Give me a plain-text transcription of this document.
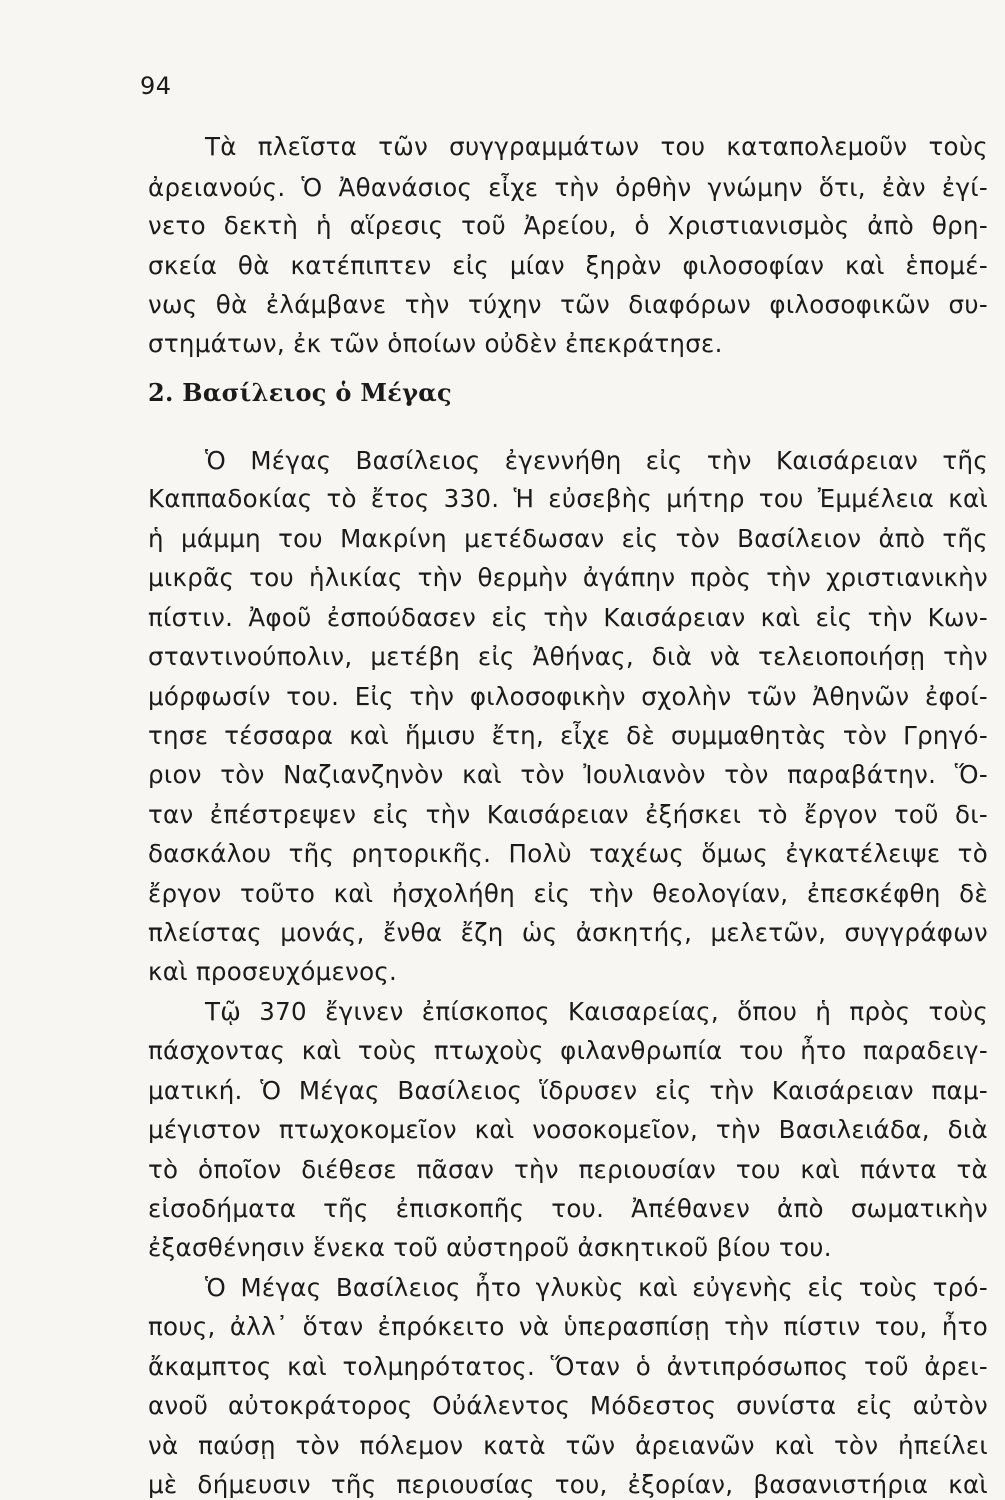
94
Τὰ πλεῖστα τῶν συγγραμμάτων του καταπολεμοῦν τοὺς
ἀρειανούς. Ὁ Ἀθανάσιος εἶχε τὴν ὀρθὴν γνώμην ὅτι, ἐὰν ἐγί-
νετο δεκτὴ ἡ αἵρεσις τοῦ Ἀρείου, ὁ Χριστιανισμὸς ἀπὸ θρη-
σκεία θὰ κατέπιπτεν εἰς μίαν ξηρὰν φιλοσοφίαν καὶ ἑπομέ-
νως θὰ ἐλάμβανε τὴν τύχην τῶν διαφόρων φιλοσοφικῶν συ-
στημάτων, ἐκ τῶν ὁποίων οὐδὲν ἐπεκράτησε.
2. Βασίλειος ὁ Μέγας
Ὁ Μέγας Βασίλειος ἐγεννήθη εἰς τὴν Καισάρειαν τῆς
Καππαδοκίας τὸ ἔτος 330. Ἡ εὐσεβὴς μήτηρ του Ἐμμέλεια καὶ
ἡ μάμμη του Μακρίνη μετέδωσαν εἰς τὸν Βασίλειον ἀπὸ τῆς
μικρᾶς του ἡλικίας τὴν θερμὴν ἀγάπην πρὸς τὴν χριστιανικὴν
πίστιν. Ἀφοῦ ἐσπούδασεν εἰς τὴν Καισάρειαν καὶ εἰς τὴν Κων-
σταντινούπολιν, μετέβη εἰς Ἀθήνας, διὰ νὰ τελειοποιήσῃ τὴν
μόρφωσίν του. Εἰς τὴν φιλοσοφικὴν σχολὴν τῶν Ἀθηνῶν ἐφοί-
τησε τέσσαρα καὶ ἥμισυ ἔτη, εἶχε δὲ συμμαθητὰς τὸν Γρηγό-
ριον τὸν Ναζιανζηνὸν καὶ τὸν Ἰουλιανὸν τὸν παραβάτην. Ὅ-
ταν ἐπέστρεψεν εἰς τὴν Καισάρειαν ἐξήσκει τὸ ἔργον τοῦ δι-
δασκάλου τῆς ρητορικῆς. Πολὺ ταχέως ὅμως ἐγκατέλειψε τὸ
ἔργον τοῦτο καὶ ἠσχολήθη εἰς τὴν θεολογίαν, ἐπεσκέφθη δὲ
πλείστας μονάς, ἔνθα ἔζη ὡς ἀσκητής, μελετῶν, συγγράφων
καὶ προσευχόμενος.
Τῷ 370 ἔγινεν ἐπίσκοπος Καισαρείας, ὅπου ἡ πρὸς τοὺς
πάσχοντας καὶ τοὺς πτωχοὺς φιλανθρωπία του ἦτο παραδειγ-
ματική. Ὁ Μέγας Βασίλειος ἵδρυσεν εἰς τὴν Καισάρειαν παμ-
μέγιστον πτωχοκομεῖον καὶ νοσοκομεῖον, τὴν Βασιλειάδα, διὰ
τὸ ὁποῖον διέθεσε πᾶσαν τὴν περιουσίαν του καὶ πάντα τὰ
εἰσοδήματα τῆς ἐπισκοπῆς του. Ἀπέθανεν ἀπὸ σωματικὴν
ἐξασθένησιν ἕνεκα τοῦ αὐστηροῦ ἀσκητικοῦ βίου του.
Ὁ Μέγας Βασίλειος ἦτο γλυκὺς καὶ εὐγενὴς εἰς τοὺς τρό-
πους, ἀλλ᾽ ὅταν ἐπρόκειτο νὰ ὑπερασπίσῃ τὴν πίστιν του, ἦτο
ἄκαμπτος καὶ τολμηρότατος. Ὅταν ὁ ἀντιπρόσωπος τοῦ ἀρει-
ανοῦ αὐτοκράτορος Οὐάλεντος Μόδεστος συνίστα εἰς αὐτὸν
νὰ παύσῃ τὸν πόλεμον κατὰ τῶν ἀρειανῶν καὶ τὸν ἠπείλει
μὲ δήμευσιν τῆς περιουσίας του, ἐξορίαν, βασανιστήρια καὶ
